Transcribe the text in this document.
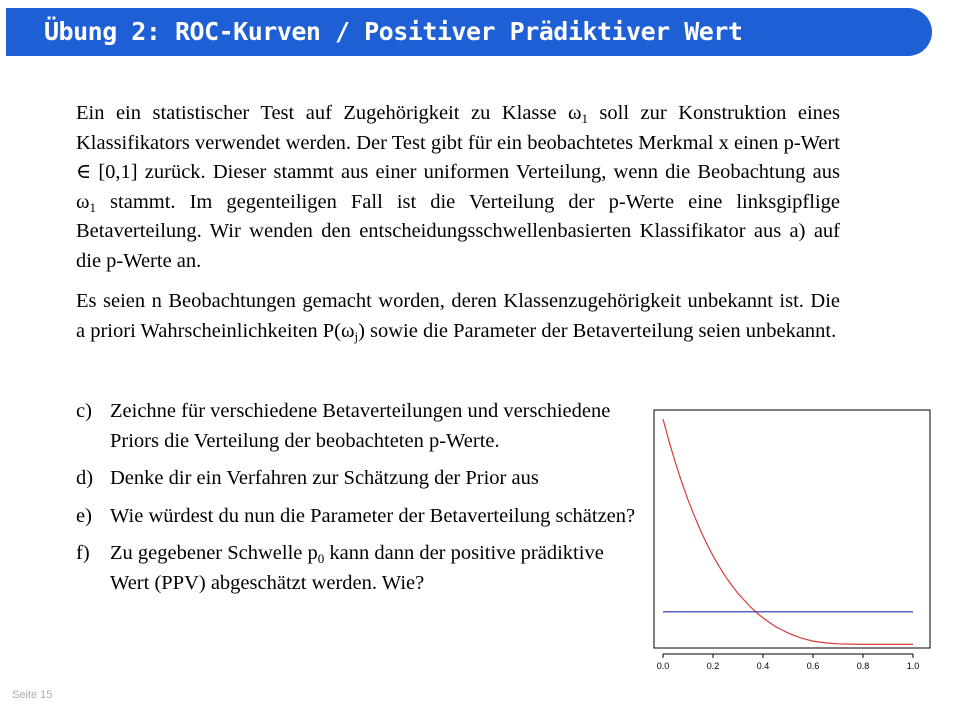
Übung 2: ROC-Kurven / Positiver Prädiktiver Wert
Ein ein statistischer Test auf Zugehörigkeit zu Klasse $\omega_1$ soll zur Konstruktion eines Klassifikators verwendet werden. Der Test gibt für ein beobachtetes Merkmal x einen p-Wert ∈ [0,1] zurück. Dieser stammt aus einer uniformen Verteilung, wenn die Beobachtung aus $\omega_1$ stammt. Im gegenteiligen Fall ist die Verteilung der p-Werte eine linksgipflige Betaverteilung. Wir wenden den entscheidungsschwellenbasierten Klassifikator aus a) auf die p-Werte an.
Es seien n Beobachtungen gemacht worden, deren Klassenzugehörigkeit unbekannt ist. Die a priori Wahrscheinlichkeiten $P(\omega_j)$ sowie die Parameter der Betaverteilung seien unbekannt.
c) Zeichne für verschiedene Betaverteilungen und verschiedene Priors die Verteilung der beobachteten p-Werte.
d) Denke dir ein Verfahren zur Schätzung der Prior aus
e) Wie würdest du nun die Parameter der Betaverteilung schätzen?
f) Zu gegebener Schwelle $p_0$ kann dann der positive prädiktive Wert (PPV) abgeschätzt werden. Wie?
0.0	0.2	0.4	0.6	0.8	1.0
Seite 15
